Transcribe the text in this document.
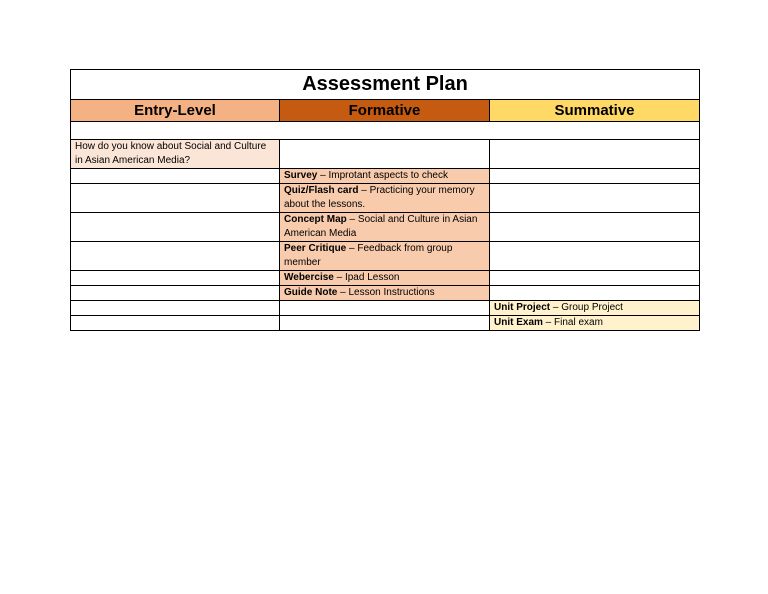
Assessment Plan		
Entry-Level	Formative	Summative

How do you know about Social and Culture in Asian American Media?		
	Survey – Improtant aspects to check	
	Quiz/Flash card – Practicing your memory about the lessons.	
	Concept Map – Social and Culture in Asian American Media	
	Peer Critique – Feedback from group member	
	Webercise – Ipad Lesson	
	Guide Note – Lesson Instructions	
		Unit Project – Group Project
		Unit Exam – Final exam
